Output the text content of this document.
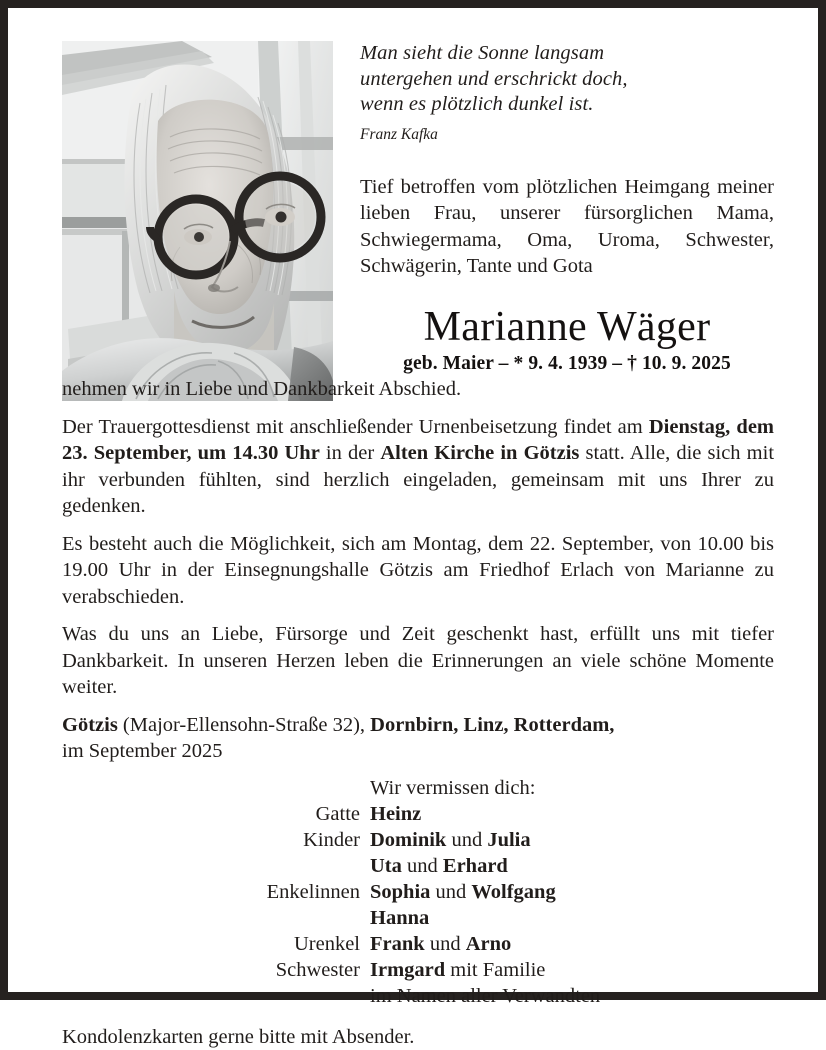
Man sieht die Sonne langsam
untergehen und erschrickt doch,
wenn es plötzlich dunkel ist.
Franz Kafka
Tief betroffen vom plötzlichen Heimgang meiner lieben Frau, unserer fürsorglichen Mama, Schwiegermama, Oma, Uroma, Schwester, Schwägerin, Tante und Gota
Marianne Wäger
geb. Maier – * 9. 4. 1939 – † 10. 9. 2025

nehmen wir in Liebe und Dankbarkeit Abschied.

Der Trauergottesdienst mit anschließender Urnenbeisetzung findet am Dienstag, dem 23. September, um 14.30 Uhr in der Alten Kirche in Götzis statt. Alle, die sich mit ihr verbunden fühlten, sind herzlich eingeladen, gemeinsam mit uns Ihrer zu gedenken.

Es besteht auch die Möglichkeit, sich am Montag, dem 22. September, von 10.00 bis 19.00 Uhr in der Einsegnungshalle Götzis am Friedhof Erlach von Marianne zu verabschieden.

Was du uns an Liebe, Fürsorge und Zeit geschenkt hast, erfüllt uns mit tiefer Dankbarkeit. In unseren Herzen leben die Erinnerungen an viele schöne Momente weiter.

Götzis (Major-Ellensohn-Straße 32), Dornbirn, Linz, Rotterdam,
im September 2025

	Wir vermissen dich:
Gatte	Heinz
Kinder	Dominik und Julia
	Uta und Erhard
Enkelinnen	Sophia und Wolfgang
	Hanna
Urenkel	Frank und Arno
Schwester	Irmgard mit Familie
	im Namen aller Verwandten
Kondolenzkarten gerne bitte mit Absender.
